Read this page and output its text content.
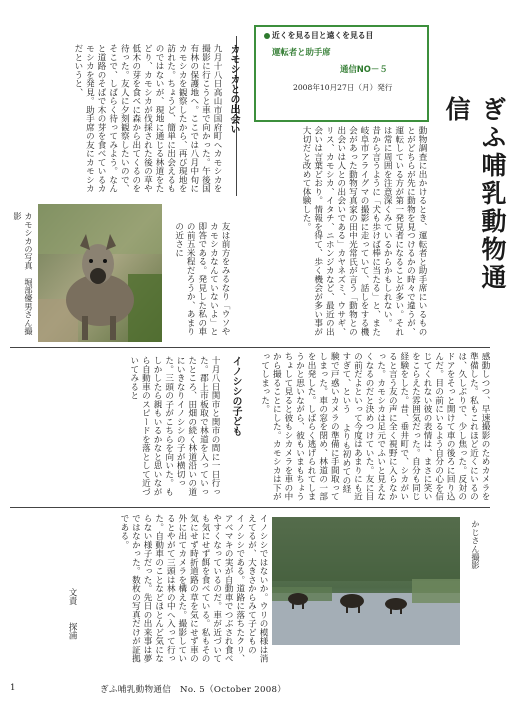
ぎふ哺乳動物通信
近くを見る目と遠くを見る目
運転者と助手席
通信NO－５
2008年10月27日（月）発行
動物調査に出かけるとき、運転者と助手席にいるものとがどちらが先に動物を見つけるかの時々で違うが、運転している方が第一発見者になることが多い。それは常に周囲を注意深くみているからかもしれない。
昔から言うように「犬も歩けば棒に当たる」と、また岐阜市アライグマの撮影に走っていて、話しをする機会があった動物写真家の田中光常氏が言う「動物との出会いは人との出会いである」カヤネズミ、ウサギ、リス、カモシカ、イタチ、ニホンジカなど、最近の出会いは言葉どおり。情報を得て、歩く機会が多い事が大切だと改めて体験した。
カモシカとの出会い
九月十八日高山市国府町へカモシカを撮影に行こうと車で向かった。午後国有林の保護地へ。ここでは八月中旬にカモシカを観察したから、再び現地を訪れた。ちょうど、簡単に出会えるものではないが、現地に通じる林道をたどり、カモシカが伐採された後の草や低木の芽を食べに森から出てくるのを待った。友人に夕刻観察したいので、そこで、しばらく待ってみよう。なんと道路のそばで木の芽を食べているカモシカを発見。助手席の友にカモシカだというと、
友は前方をみるなり「ウソやカモシカなんていないよ」と即答である。発見した私の車の前五米程だろうか、あまりの近さに
カモシカの写真　堀部優男さん撮影
感動しつつ、早速撮影のためカメラを準備した。私もこれほど近くにいるのは、久しぶりで、少し焦った。反対のドアをそっと開けて車の後ろに回り込んだ。目の前にいるよう自分の心を信じてくれない彼の表情は、まさに笑いをこらえた雰囲気だった。自分も同じ経験をした。昔、垂井町で、シカがいると言う友の声に全く視野に入らなかった。カモシカは足元でふいと見えなくなるのだと決めつけていた。友に目の前だよといって今度はあまりにも近すぎて、という よりも初めての経験で戸惑いカメラの準備に手間取ってしまった。車の窓を閉め、林道の一部を出発した。しばらく逃げられてしまうかと思いながら、彼もいまもちょうちょして見ると彼もシカメラを車の中から撮ることにした。カモシカは下がってしまった。
イノシシの子ども
十月八日関市と関市の間に一日行った。郡上市板取で林道を入っていったところ、田畑の続く林道沿いの道にいきなりイノシシの子が横切った。三頭の子がこちらを向いた。もしかしたら親もいるかなと思いながら自動車のスピードを落として近づいてみると
イノシシではないか。ウリの模様は消えてるが、大きさからみて子どもの イノシシである。道路に落ちたクリ、アベマキの実が自動車でつぶされ食べやすくなっているのだ。車が近づいても気にせず餌を食べている。私もその気にせず時折道路の草を気にせず車の外に出てカメラを構えた。撮影しているとやがて三頭は林の中へ入って行った。自動車のことなどほとんど気にならない様子だった。先日の出来事は夢ではなかった。数枚の写真だけが証拠である。
文責　　探浦
かじさん撮影
1	ぎふ哺乳動物通信　No. 5（October 2008）
